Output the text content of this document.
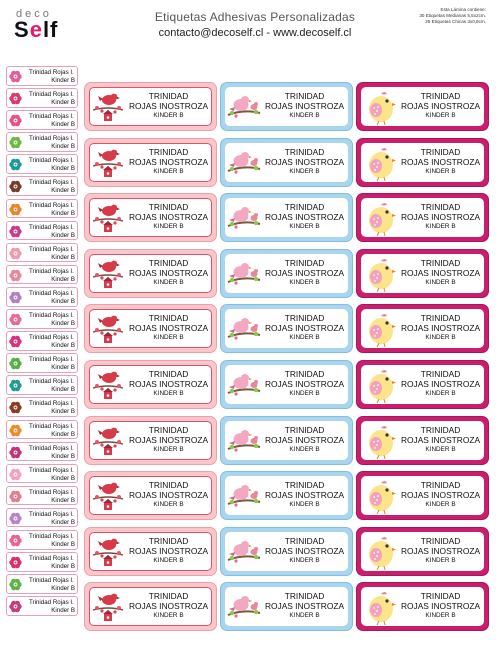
deco
Self	Etiquetas Adhesivas Personalizadas
contacto@decoself.cl - www.decoself.cl
Esta Lámina contiene:
30 Etiquetas Medianas 5,5x2cm.
25 Etiquetas Chicas 3x0,8cm.
Trinidad Rojas I.
Kinder B
Trinidad Rojas I.
Kinder B
Trinidad Rojas I.
Kinder B
Trinidad Rojas I.
Kinder B
Trinidad Rojas I.
Kinder B
Trinidad Rojas I.
Kinder B
Trinidad Rojas I.
Kinder B
Trinidad Rojas I.
Kinder B
Trinidad Rojas I.
Kinder B
Trinidad Rojas I.
Kinder B
Trinidad Rojas I.
Kinder B
Trinidad Rojas I.
Kinder B
Trinidad Rojas I.
Kinder B
Trinidad Rojas I.
Kinder B
Trinidad Rojas I.
Kinder B
Trinidad Rojas I.
Kinder B
Trinidad Rojas I.
Kinder B
Trinidad Rojas I.
Kinder B
Trinidad Rojas I.
Kinder B
Trinidad Rojas I.
Kinder B
Trinidad Rojas I.
Kinder B
Trinidad Rojas I.
Kinder B
Trinidad Rojas I.
Kinder B
Trinidad Rojas I.
Kinder B
Trinidad Rojas I.
Kinder B
TRINIDAD
ROJAS INOSTROZA
KINDER B
TRINIDAD
ROJAS INOSTROZA
KINDER B
TRINIDAD
ROJAS INOSTROZA
KINDER B
TRINIDAD
ROJAS INOSTROZA
KINDER B
TRINIDAD
ROJAS INOSTROZA
KINDER B
TRINIDAD
ROJAS INOSTROZA
KINDER B
TRINIDAD
ROJAS INOSTROZA
KINDER B
TRINIDAD
ROJAS INOSTROZA
KINDER B
TRINIDAD
ROJAS INOSTROZA
KINDER B
TRINIDAD
ROJAS INOSTROZA
KINDER B
TRINIDAD
ROJAS INOSTROZA
KINDER B
TRINIDAD
ROJAS INOSTROZA
KINDER B
TRINIDAD
ROJAS INOSTROZA
KINDER B
TRINIDAD
ROJAS INOSTROZA
KINDER B
TRINIDAD
ROJAS INOSTROZA
KINDER B
TRINIDAD
ROJAS INOSTROZA
KINDER B
TRINIDAD
ROJAS INOSTROZA
KINDER B
TRINIDAD
ROJAS INOSTROZA
KINDER B
TRINIDAD
ROJAS INOSTROZA
KINDER B
TRINIDAD
ROJAS INOSTROZA
KINDER B
TRINIDAD
ROJAS INOSTROZA
KINDER B
TRINIDAD
ROJAS INOSTROZA
KINDER B
TRINIDAD
ROJAS INOSTROZA
KINDER B
TRINIDAD
ROJAS INOSTROZA
KINDER B
TRINIDAD
ROJAS INOSTROZA
KINDER B
TRINIDAD
ROJAS INOSTROZA
KINDER B
TRINIDAD
ROJAS INOSTROZA
KINDER B
TRINIDAD
ROJAS INOSTROZA
KINDER B
TRINIDAD
ROJAS INOSTROZA
KINDER B
TRINIDAD
ROJAS INOSTROZA
KINDER B
